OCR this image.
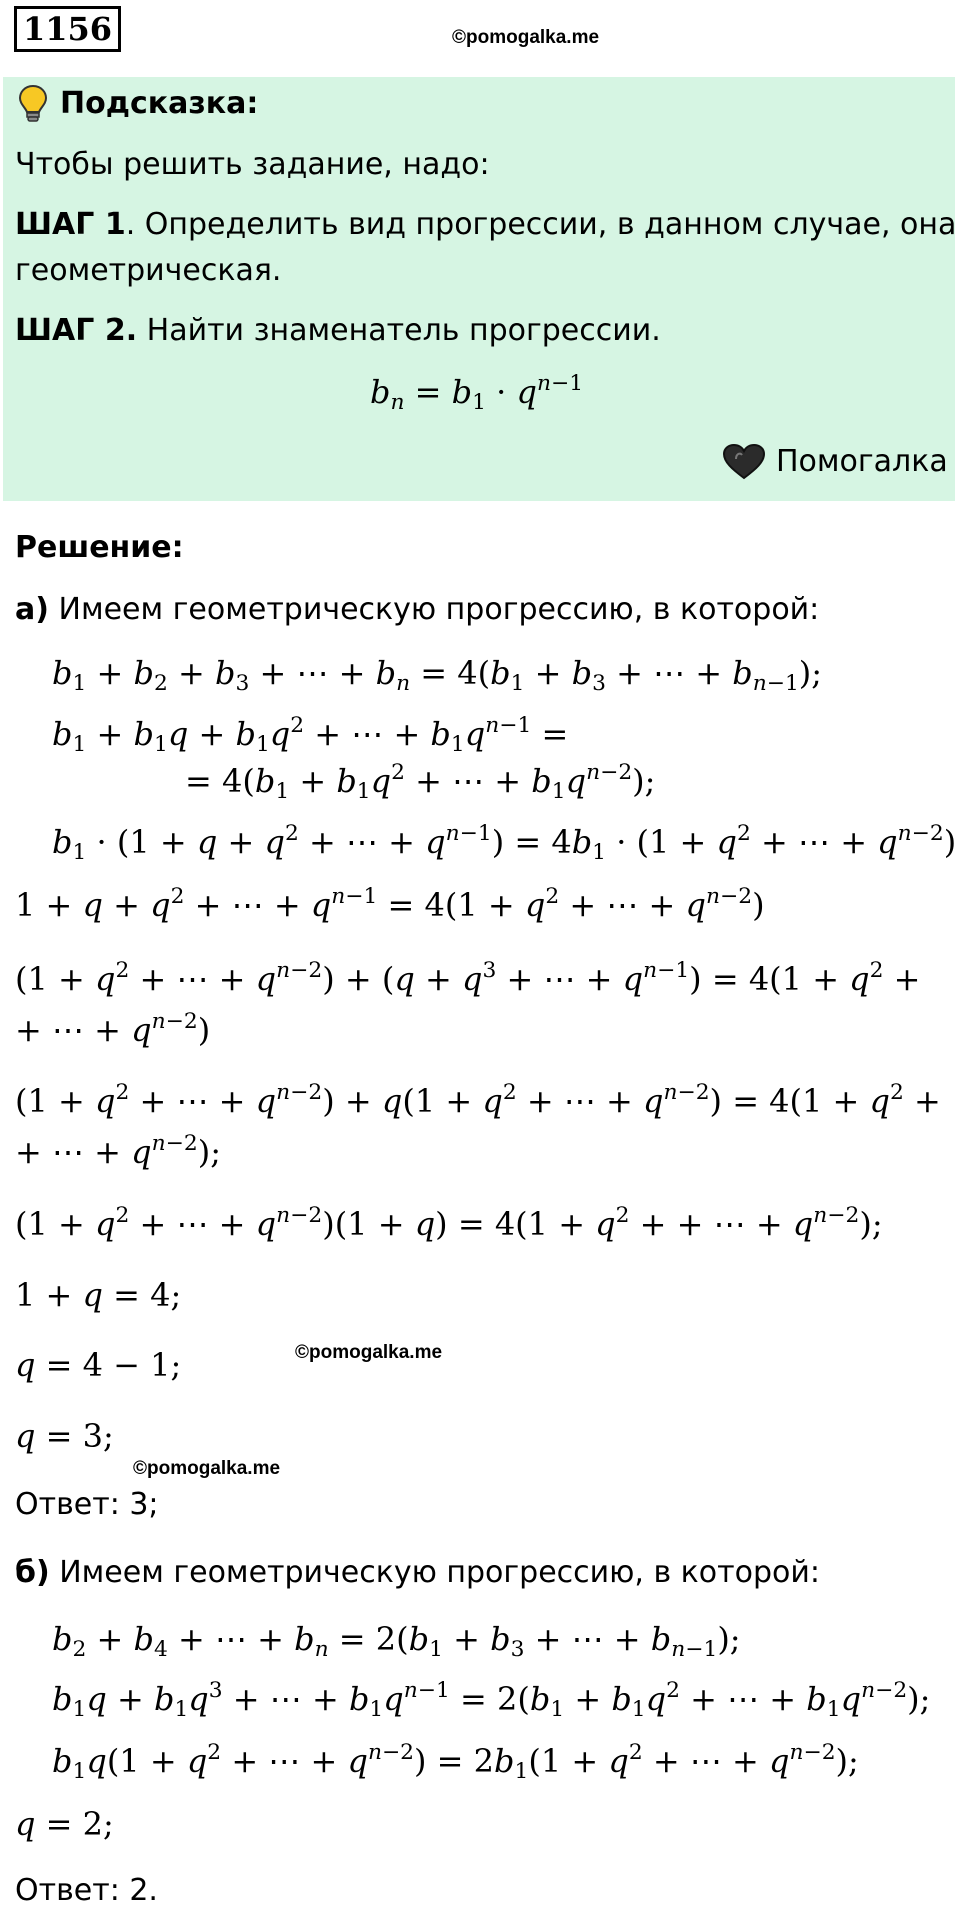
1156	©pomogalka.me
Подсказка:
Чтобы решить задание, надо:
ШАГ 1. Определить вид прогрессии, в данном случае, она
геометрическая.
ШАГ 2. Найти знаменатель прогрессии.
$b_n = b_1 \cdot q^{n-1}$
Помогалка
Решение:
а) Имеем геометрическую прогрессию, в которой:
$b_1 + b_2 + b_3$ + ⋯ + $b_n = 4(b_1 + b_3$ + ⋯ + $b_{n-1}$);
$b_1 + b_1q + b_1q^2$ + ⋯ + $b_1q^{n-1}$ =
= $4(b_1 + b_1q^2$ + ⋯ + $b_1q^{n-2}$);
$b_1 \cdot (1 + q + q^2$ + ⋯ + $q^{n-1}) = 4b_1 \cdot (1 + q^2$ + ⋯ + $q^{n-2}$)
$1 + q + q^2$ + ⋯ + $q^{n-1} = 4(1 + q^2$ + ⋯ + $q^{n-2}$)
($1 + q^2$ + ⋯ + $q^{n-2}) + (q + q^3$ + ⋯ + $q^{n-1}) = 4(1 + q^2$ +
+ ⋯ + $q^{n-2}$)
($1 + q^2$ + ⋯ + $q^{n-2}) + q(1 + q^2$ + ⋯ + $q^{n-2}) = 4(1 + q^2$ +
+ ⋯ + $q^{n-2}$);
($1 + q^2$ + ⋯ + $q^{n-2})(1 + q) = 4(1 + q^2$ + + ⋯ + $q^{n-2}$);
1 + q = 4;
q = 4 − 1;	©pomogalka.me
q = 3;
©pomogalka.me
Ответ: 3;
б) Имеем геометрическую прогрессию, в которой:
$b_2 + b_4$ + ⋯ + $b_n = 2(b_1 + b_3$ + ⋯ + $b_{n-1}$);
$b_1q + b_1q^3$ + ⋯ + $b_1q^{n-1} = 2(b_1 + b_1q^2$ + ⋯ + $b_1q^{n-2}$);
$b_1q(1 + q^2$ + ⋯ + $q^{n-2}) = 2b_1(1 + q^2$ + ⋯ + $q^{n-2}$);
q = 2;
Ответ: 2.
